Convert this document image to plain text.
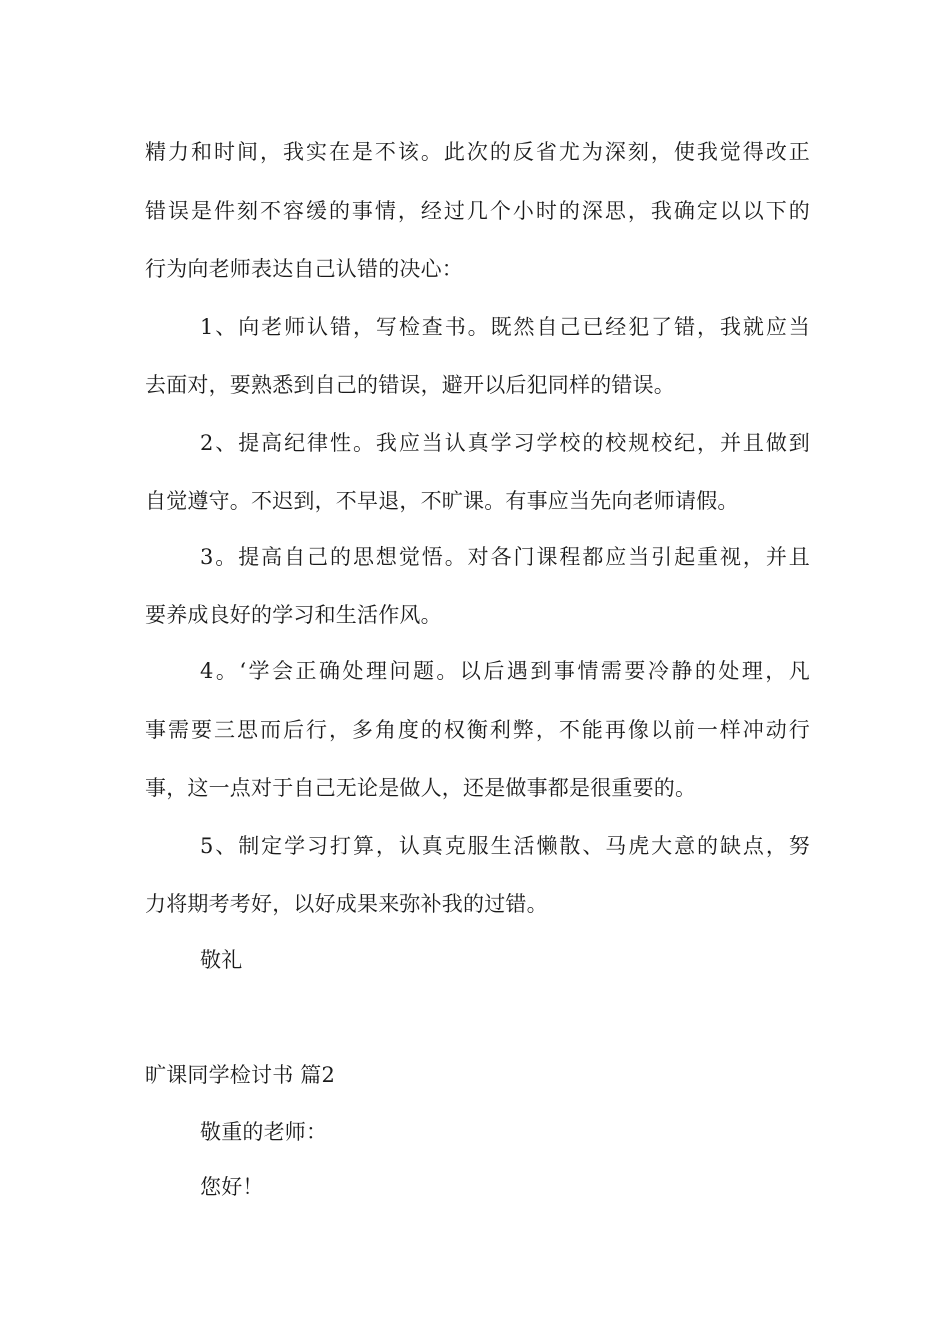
精力和时间，我实在是不该。此次的反省尤为深刻，使我觉得改正
错误是件刻不容缓的事情，经过几个小时的深思，我确定以以下的
行为向老师表达自己认错的决心：
1、向老师认错，写检查书。既然自己已经犯了错，我就应当
去面对，要熟悉到自己的错误，避开以后犯同样的错误。
2、提高纪律性。我应当认真学习学校的校规校纪，并且做到
自觉遵守。不迟到，不早退，不旷课。有事应当先向老师请假。
3。提高自己的思想觉悟。对各门课程都应当引起重视，并且
要养成良好的学习和生活作风。
4。‘学会正确处理问题。以后遇到事情需要冷静的处理，凡
事需要三思而后行，多角度的权衡利弊，不能再像以前一样冲动行
事，这一点对于自己无论是做人，还是做事都是很重要的。
5、制定学习打算，认真克服生活懒散、马虎大意的缺点，努
力将期考考好，以好成果来弥补我的过错。
敬礼
旷课同学检讨书 篇2
敬重的老师：
您好！
